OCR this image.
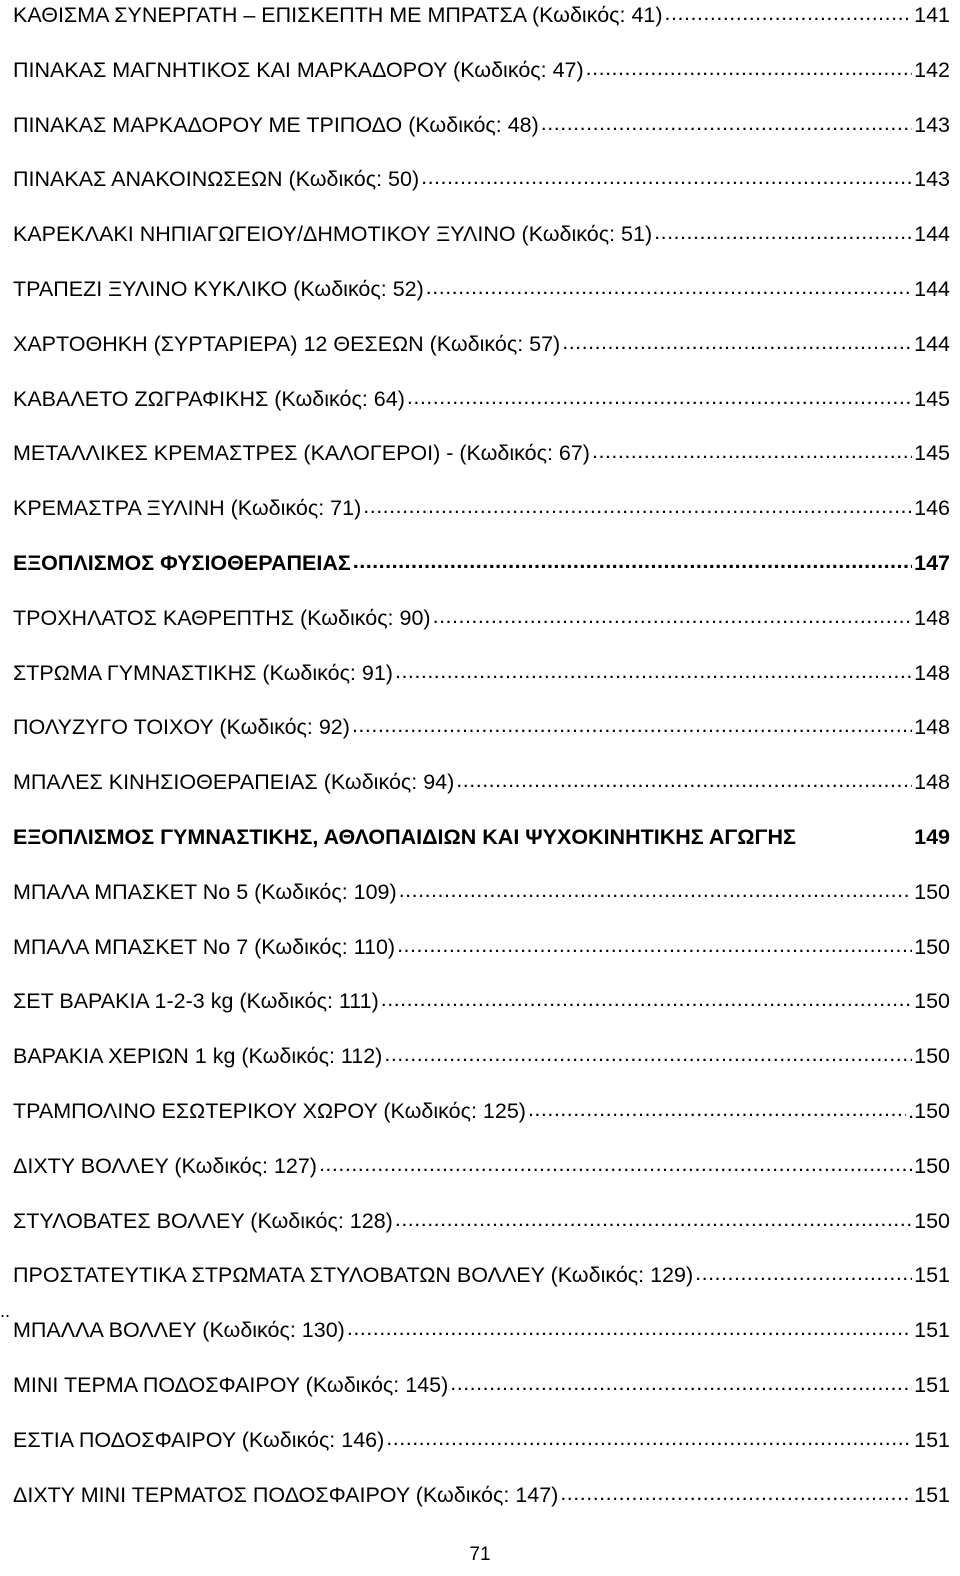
ΚΑΘΙΣΜΑ ΣΥΝΕΡΓΑΤΗ – ΕΠΙΣΚΕΠΤΗ ΜΕ ΜΠΡΑΤΣΑ (Κωδικός: 41) .....	141
ΠΙΝΑΚΑΣ ΜΑΓΝΗΤΙΚΟΣ ΚΑΙ ΜΑΡΚΑΔΟΡΟΥ (Κωδικός: 47) .....	142
ΠΙΝΑΚΑΣ ΜΑΡΚΑΔΟΡΟΥ ΜΕ ΤΡΙΠΟΔΟ (Κωδικός: 48) .....	143
ΠΙΝΑΚΑΣ ΑΝΑΚΟΙΝΩΣΕΩΝ (Κωδικός: 50) .....	143
ΚΑΡΕΚΛΑΚΙ ΝΗΠΙΑΓΩΓΕΙΟΥ/ΔΗΜΟΤΙΚΟΥ ΞΥΛΙΝΟ (Κωδικός: 51) .....	144
ΤΡΑΠΕΖΙ ΞΥΛΙΝΟ ΚΥΚΛΙΚΟ (Κωδικός: 52) .....	144
ΧΑΡΤΟΘΗΚΗ (ΣΥΡΤΑΡΙΕΡΑ) 12 ΘΕΣΕΩΝ (Κωδικός: 57) .....	144
ΚΑΒΑΛΕΤΟ ΖΩΓΡΑΦΙΚΗΣ (Κωδικός: 64) .....	145
ΜΕΤΑΛΛΙΚΕΣ ΚΡΕΜΑΣΤΡΕΣ (ΚΑΛΟΓΕΡΟΙ) - (Κωδικός: 67) .....	145
ΚΡΕΜΑΣΤΡΑ ΞΥΛΙΝΗ (Κωδικός: 71) .....	146
ΕΞΟΠΛΙΣΜΟΣ ΦΥΣΙΟΘΕΡΑΠΕΙΑΣ .....	147
ΤΡΟΧΗΛΑΤΟΣ ΚΑΘΡΕΠΤΗΣ (Κωδικός: 90) .....	148
ΣΤΡΩΜΑ ΓΥΜΝΑΣΤΙΚΗΣ (Κωδικός: 91) .....	148
ΠΟΛΥΖΥΓΟ ΤΟΙΧΟΥ (Κωδικός: 92) .....	148
ΜΠΑΛΕΣ ΚΙΝΗΣΙΟΘΕΡΑΠΕΙΑΣ (Κωδικός: 94) .....	148
ΕΞΟΠΛΙΣΜΟΣ ΓΥΜΝΑΣΤΙΚΗΣ, ΑΘΛΟΠΑΙΔΙΩΝ ΚΑΙ ΨΥΧΟΚΙΝΗΤΙΚΗΣ ΑΓΩΓΗΣ	149
ΜΠΑΛΑ ΜΠΑΣΚΕΤ Νο 5 (Κωδικός: 109) .....	150
ΜΠΑΛΑ ΜΠΑΣΚΕΤ Νο 7 (Κωδικός: 110) .....	150
ΣΕΤ ΒΑΡΑΚΙΑ 1-2-3 kg (Κωδικός: 111) .....	150
ΒΑΡΑΚΙΑ ΧΕΡΙΩΝ 1 kg (Κωδικός: 112) .....	150
ΤΡΑΜΠΟΛΙΝΟ ΕΣΩΤΕΡΙΚΟΥ ΧΩΡΟΥ (Κωδικός: 125) .....	.150
ΔΙΧΤΥ ΒΟΛΛΕΥ (Κωδικός: 127) .....	150
ΣΤΥΛΟΒΑΤΕΣ ΒΟΛΛΕΥ (Κωδικός: 128) .....	150
ΠΡΟΣΤΑΤΕΥΤΙΚΑ ΣΤΡΩΜΑΤΑ ΣΤΥΛΟΒΑΤΩΝ ΒΟΛΛΕΥ (Κωδικός: 129) .....	151
ΜΠΑΛΛΑ ΒΟΛΛΕΥ (Κωδικός: 130) .....	151
ΜΙΝΙ ΤΕΡΜΑ ΠΟΔΟΣΦΑΙΡΟΥ (Κωδικός: 145) .....	151
ΕΣΤΙΑ ΠΟΔΟΣΦΑΙΡΟΥ (Κωδικός: 146) .....	151
ΔΙΧΤΥ ΜΙΝΙ ΤΕΡΜΑΤΟΣ ΠΟΔΟΣΦΑΙΡΟΥ (Κωδικός: 147) .....	151
..
71
